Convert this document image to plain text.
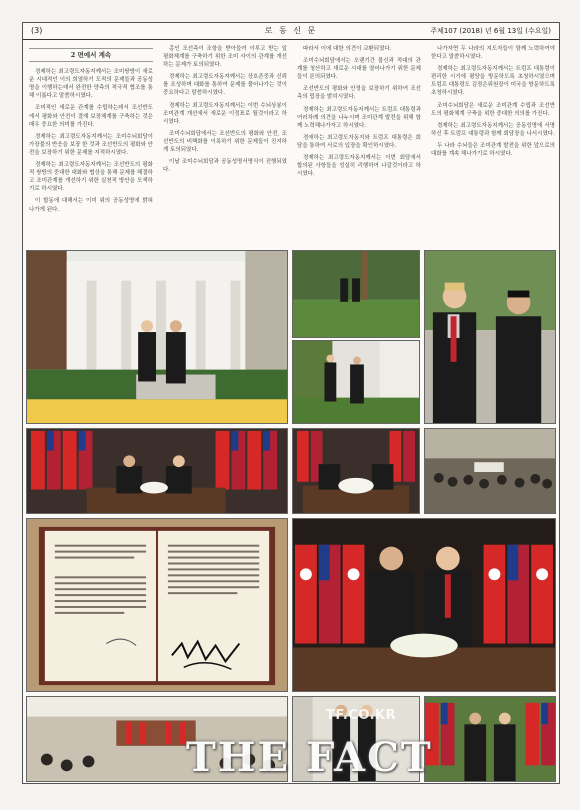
(3)	로 동 신 문	주체107 (2018) 년 6월 13일 (수요일)
2 면에서 계속

경제하는 최고령도자동지께서는 조미쌍방이 새로운 시대적인 이의 희열하기 도적의 문제들과 공동성명을 이행하는데서 완전한 양측의 적극적 협조를 통해 이롭다고 말씀하시였다.

조미적인 새로운 관계를 수립하는데서 조선반도에서 평화와 안전이 결재 보장체계를 구축하는 것은 매우 중요한 의미를 가진다.

경제하는 최고령도자동지께서는 조미수뇌회담이 가장불의 반응을 보장 한 것과 조선반도의 평화와 안전을 보장하기 위한 문제를 지적하시였다.

경제하는 최고령도자동지께서는 조선반도의 평화적 쌍방의 중대한 대화와 협상을 통해 문제를 해결하고 조미관계를 개선하기 위한 실천적 방안을 모색하기로 하시였다.

이 합동에 대해서는 이미 위의 공동성명에 밝혀 나가게 된다.

총인 조선측이 조항을 받아들여 이루고 받는 일 평화체계를 구축하기 위한 조미 사이의 관계를 개선하는 문제가 토의되였다.

경제하는 최고령도자동지께서는 상호존중과 신뢰를 조성하며 대화를 통하여 문제를 풀어나가는 것이 중요하다고 말씀하시였다.

경제하는 최고령도자동지께서는 이번 수뇌상봉이 조미관계 개선에서 새로운 이정표로 될것이라고 하시였다.

조미수뇌회담에서는 조선반도의 평화와 안전, 조선반도의 비핵화를 이룩하기 위한 문제들이 진지하게 토의되였다.

이날 조미수뇌회담과 공동성명서명식이 진행되였다.

따라서 이에 대한 의견이 교환되였다.

조미수뇌회담에서는 오랜기간 불신과 적대의 관계를 청산하고 새로운 시대를 열어나가기 위한 문제들이 론의되였다.

조선반도의 평화와 안정을 보장하기 위하여 조선측의 립장을 밝히시였다.

경제하는 최고령도자동지께서는 트럼프 대통령과 여러차례 의견을 나누시며 조미관계 발전을 위해 함께 노력해나가자고 하시였다.

경애하는 최고령도자동지와 트럼프 대통령은 회담을 통하여 서로의 입장을 확인하시였다.

경제하는 최고령도자동지께서는 이번 회담에서 합의된 사항들을 성실히 리행하여 나갈것이라고 하시였다.

나가자면 두 나라의 지도자들이 함께 노력하여야 한다고 말씀하시였다.

경제하는 최고령도자동지께서는 트럼프 대통령이 편리한 시기에 평양을 방문하도록 초청하시였으며 트럼프 대통령도 김정은위원장이 미국을 방문하도록 초청하시였다.

조미수뇌회담은 새로운 조미관계 수립과 조선반도의 평화체계 구축을 위한 중대한 의의를 가진다.

경제하는 최고령도자동지께서는 공동성명에 서명하신 후 트럼프 대통령과 함께 회담장을 나서시였다.

두 나라 수뇌들은 조미관계 발전을 위한 앞으로의 대화를 계속 해나가기로 하시였다.

TF.CO.KR
THE FACT
